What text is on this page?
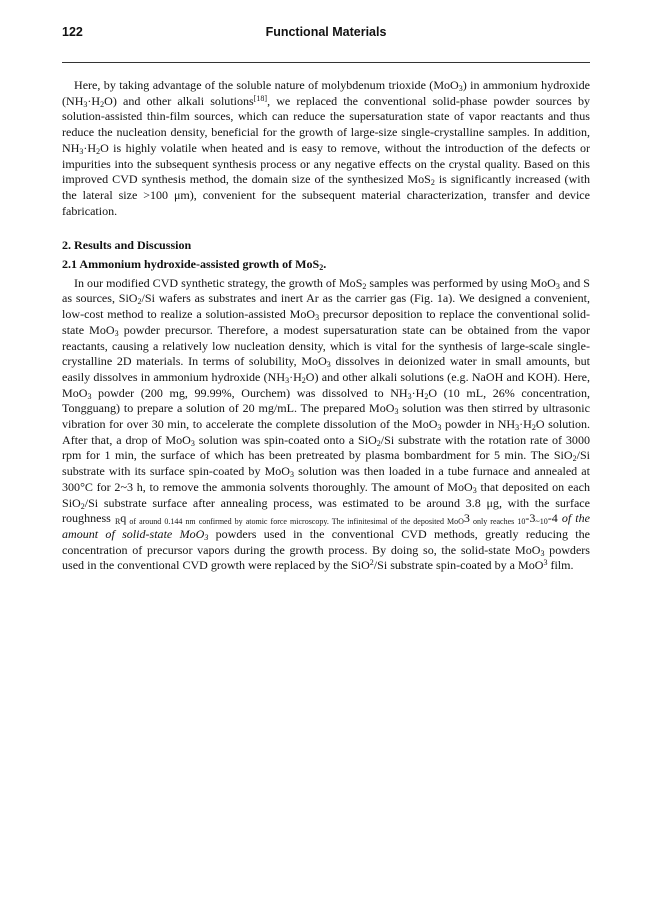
122	Functional Materials

Here, by taking advantage of the soluble nature of molybdenum trioxide (MoO$_3$) in ammonium hydroxide $(NH_3\cdot H_2O)$ and other alkali solutions[18], we replaced the conventional solid-phase powder sources by solution-assisted thin-film sources, which can reduce the supersaturation state of vapor reactants and thus reduce the nucleation density, beneficial for the growth of large-size single-crystalline samples. In addition, $NH_3\cdot H_2O$ is highly volatile when heated and is easy to remove, without the introduction of the defects or impurities into the subsequent synthesis process or any negative effects on the crystal quality. Based on this improved CVD synthesis method, the domain size of the synthesized MoS$_2$ is significantly increased (with the lateral size >100 μm), convenient for the subsequent material characterization, transfer and device fabrication.

2. Results and Discussion
2.1 Ammonium hydroxide-assisted growth of MoS$_2$.

In our modified CVD synthetic strategy, the growth of MoS$_2$ samples was performed by using MoO$_3$ and S as sources, SiO$_2$/Si wafers as substrates and inert Ar as the carrier gas (Fig. 1a). We designed a convenient, low-cost method to realize a solution-assisted MoO$_3$ precursor deposition to replace the conventional solid-state MoO$_3$ powder precursor. Therefore, a modest supersaturation state can be obtained from the vapor reactants, causing a relatively low nucleation density, which is vital for the synthesis of large-scale single-crystalline 2D materials. In terms of solubility, MoO$_3$ dissolves in deionized water in small amounts, but easily dissolves in ammonium hydroxide $(NH_3\cdot H_2O)$ and other alkali solutions (e.g. NaOH and KOH). Here, MoO$_3$ powder (200 mg, 99.99%, Ourchem) was dissolved to $NH_3\cdot H_2O$ (10 mL, 26% concentration, Tongguang) to prepare a solution of 20 mg/mL. The prepared MoO$_3$ solution was then stirred by ultrasonic vibration for over 30 min, to accelerate the complete dissolution of the MoO$_3$ powder in $NH_3\cdot H_2O$ solution. After that, a drop of MoO$_3$ solution was spin-coated onto a SiO$_2$/Si substrate with the rotation rate of 3000 rpm for 1 min, the surface of which has been pretreated by plasma bombardment for 5 min. The SiO$_2$/Si substrate with its surface spin-coated by MoO$_3$ solution was then loaded in a tube furnace and annealed at 300°C for 2~3 h, to remove the ammonia solvents thoroughly. The amount of MoO$_3$ that deposited on each SiO$_2$/Si substrate surface after annealing process, was estimated to be around 3.8 μg, with the surface roughness $_R$q $_{of around 0.144 nm confirmed by atomic force microscopy. The infinitesimal of the deposited MoO}$3 $_{only reaches 10}-3_{\sim 10}-4$ of the amount of solid-state MoO$_3$ powders used in the conventional CVD methods, greatly reducing the concentration of precursor vapors during the growth process. By doing so, the solid-state MoO$_3$ powders used in the conventional CVD growth were replaced by the SiO$^2$/Si substrate spin-coated by a MoO$^3$ film.
